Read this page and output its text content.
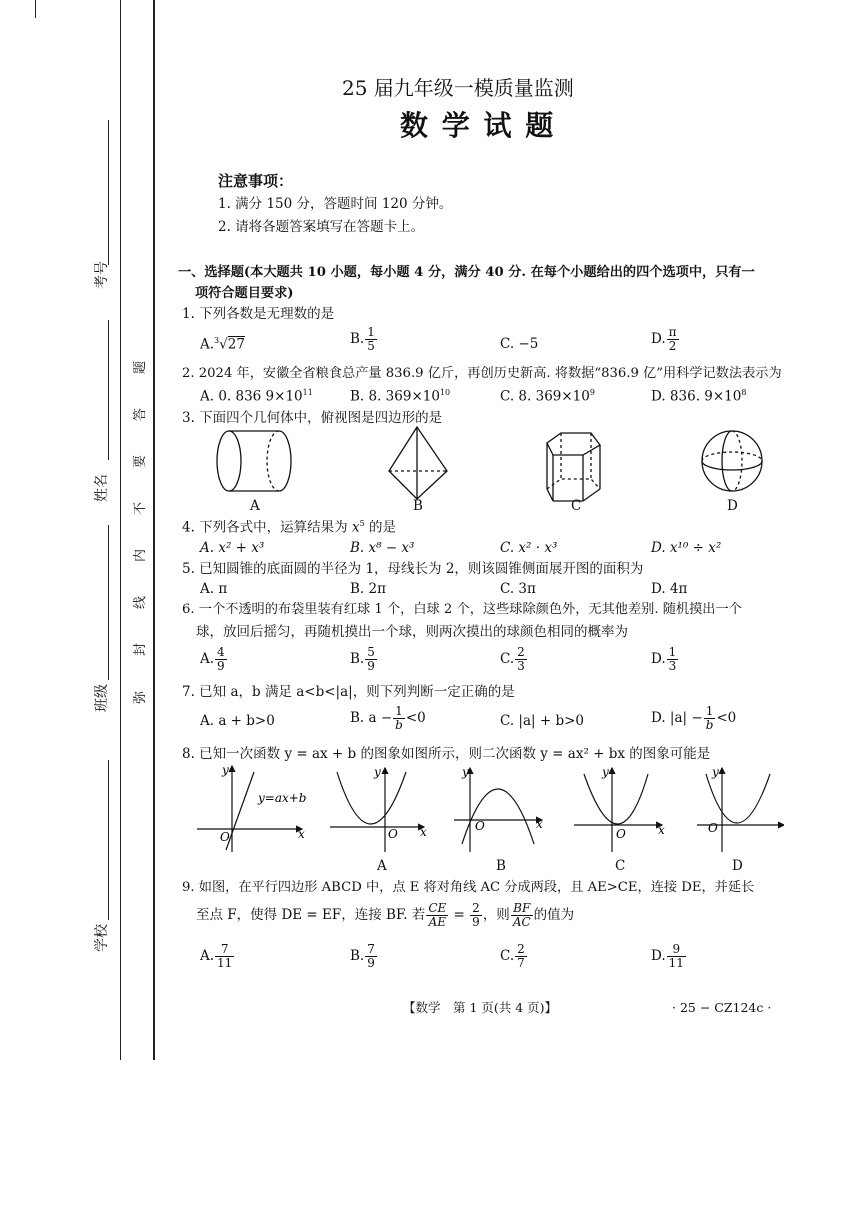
考号
姓名
班级
学校
题
答
要
不
内
线
封
弥
25 届九年级一模质量监测
数 学 试 题
注意事项：
1. 满分 150 分，答题时间 120 分钟。
2. 请将各题答案填写在答题卡上。
一、选择题(本大题共 10 小题，每小题 4 分，满分 40 分. 在每个小题给出的四个选项中，只有一
项符合题目要求)
1. 下列各数是无理数的是
A.$^3$√27	B. $\frac{1}{5}$	C. −5	D. $\frac{\pi}{2}$
2. 2024 年，安徽全省粮食总产量 836.9 亿斤，再创历史新高. 将数据“836.9 亿”用科学记数法表示为
A. 0. 836 $9\times 10^{11}$	B. 8. $369\times 10^{10}$	C. 8. $369\times 10^9$	D. 836. $9\times 10^8$
3. 下面四个几何体中，俯视图是四边形的是
A	B	C	D
4. 下列各式中，运算结果为 $x^5$ 的是
A. x² + x³	B. x⁸ − x³	C. x² · x³	D. x¹⁰ ÷ x²
5. 已知圆锥的底面圆的半径为 1，母线长为 2，则该圆锥侧面展开图的面积为
A. π	B. 2π	C. 3π	D. 4π
6. 一个不透明的布袋里装有红球 1 个，白球 2 个，这些球除颜色外，无其他差别. 随机摸出一个
球，放回后摇匀，再随机摸出一个球，则两次摸出的球颜色相同的概率为
A. $\frac{4}{9}$	B. $\frac{5}{9}$	C. $\frac{2}{3}$	D. $\frac{1}{3}$
7. 已知 a，b 满足 a<b<|a|，则下列判断一定正确的是
A. a + b>0	B. $a - \frac{1}{b} <0$	C. |a| + b>0	D. $|a| - \frac{1}{b} <0$
8. 已知一次函数 y = ax + b 的图象如图所示，则二次函数 y = ax² + bx 的图象可能是
y=ax+b
y
x
O
y
x
O
y
x
O
y
x
O
y
O
A	B	C	D
9. 如图，在平行四边形 ABCD 中，点 E 将对角线 AC 分成两段，且 AE>CE，连接 DE，并延长
至点 F，使得 DE = EF，连接 BF. 若 $\frac{CE}{AE} = \frac{2}{9}$ ，则 $\frac{BF}{AC}$ 的值为
A. $\frac{7}{11}$	B. $\frac{7}{9}$	C. $\frac{2}{7}$	D. $\frac{9}{11}$
【数学　第 1 页(共 4 页)】	· 25 − CZ124c ·
